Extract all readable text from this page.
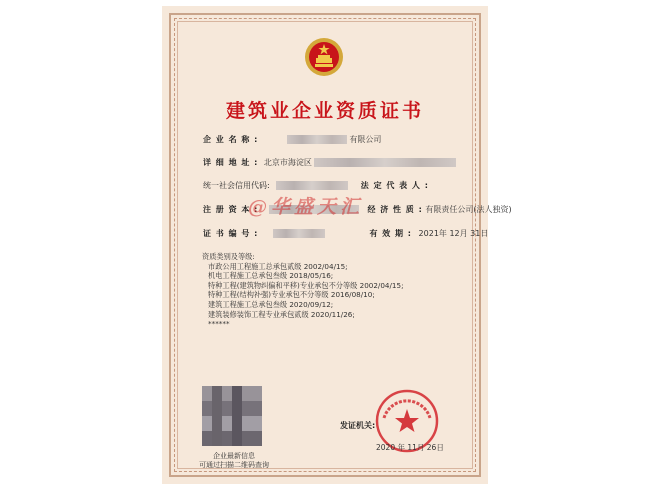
建筑业企业资质证书
企 业 名 称 :	有限公司
详 细 地 址 : 北京市海淀区
统一社会信用代码:	法 定 代 表 人 :
注 册 资 本 :	经 济 性 质 : 有限责任公司(法人独资)
证 书 编 号 :	有 效 期 : 2021年 12月 31日
资质类别及等级:
市政公用工程施工总承包贰级 2002/04/15;
机电工程施工总承包叁级 2018/05/16;
特种工程(建筑物纠偏和平移)专业承包不分等级 2002/04/15;
特种工程(结构补强)专业承包不分等级 2016/08/10;
建筑工程施工总承包叁级 2020/09/12;
建筑装修装饰工程专业承包贰级 2020/11/26;
******
@华盛天汇
企业最新信息
可通过扫描二维码查询
发证机关:
2020 年 11月 26日
